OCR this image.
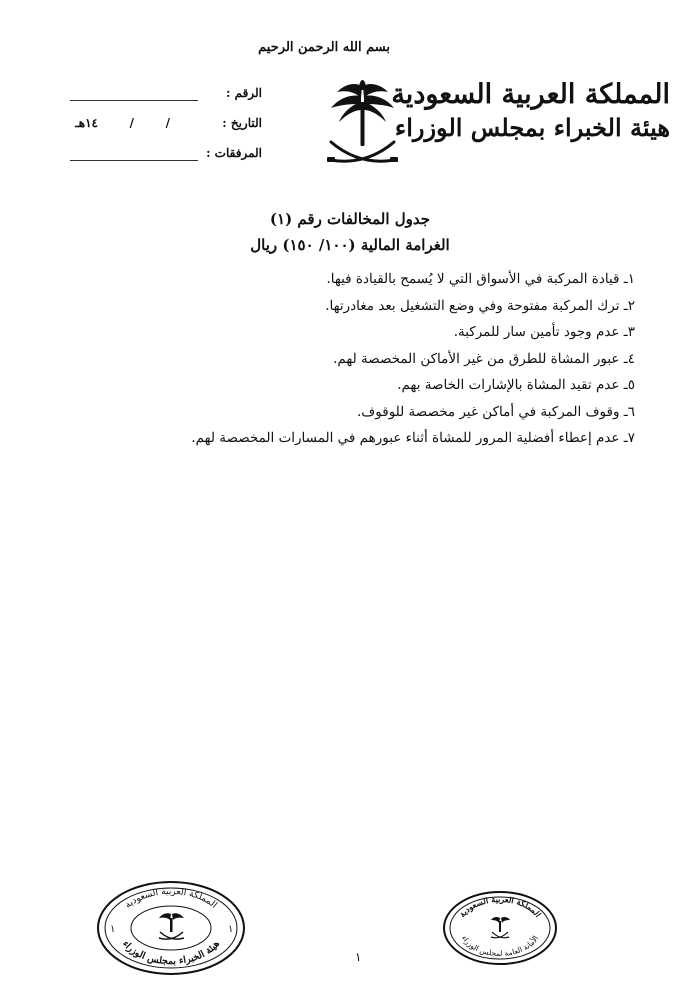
بسم الله الرحمن الرحيم
المملكة العربية السعودية
هيئة الخبراء بمجلس الوزراء
الرقم :
التاريخ :
/
/
١٤هـ
المرفقات :
جدول المخالفات رقم (١)
الغرامة المالية (١٠٠/ ١٥٠) ريال
١ـ قيادة المركبة في الأسواق التي لا يُسمح بالقيادة فيها.
٢ـ ترك المركبة مفتوحة وفي وضع التشغيل بعد مغادرتها.
٣ـ عدم وجود تأمين سار للمركبة.
٤ـ عبور المشاة للطرق من غير الأماكن المخصصة لهم.
٥ـ عدم تقيد المشاة بالإشارات الخاصة بهم.
٦ـ وقوف المركبة في أماكن غير مخصصة للوقوف.
٧ـ عدم إعطاء أفضلية المرور للمشاة أثناء عبورهم في المسارات المخصصة لهم.
المملكة العربية السعودية
هيئة الخبراء بمجلس الوزراء
١	١
المملكة العربية السعودية
الأمانة العامة لمجلس الوزراء
١
